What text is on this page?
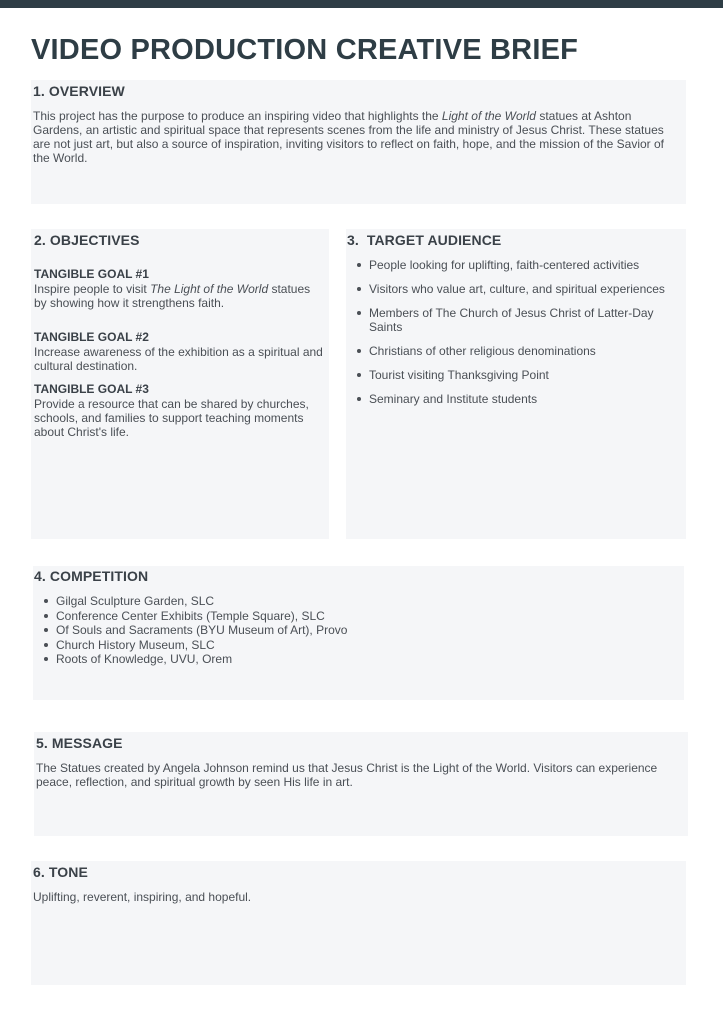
VIDEO PRODUCTION CREATIVE BRIEF
1. OVERVIEW
This project has the purpose to produce an inspiring video that highlights the Light of the World statues at Ashton Gardens, an artistic and spiritual space that represents scenes from the life and ministry of Jesus Christ. These statues are not just art, but also a source of inspiration, inviting visitors to reflect on faith, hope, and the mission of the Savior of the World.
2. OBJECTIVES
TANGIBLE GOAL #1
Inspire people to visit The Light of the World statues by showing how it strengthens faith.
TANGIBLE GOAL #2
Increase awareness of the exhibition as a spiritual and cultural destination.
TANGIBLE GOAL #3
Provide a resource that can be shared by churches, schools, and families to support teaching moments about Christ's life.
3.  TARGET AUDIENCE
People looking for uplifting, faith-centered activities
Visitors who value art, culture, and spiritual experiences
Members of The Church of Jesus Christ of Latter-Day Saints
Christians of other religious denominations
Tourist visiting Thanksgiving Point
Seminary and Institute students
4. COMPETITION
Gilgal Sculpture Garden, SLC
Conference Center Exhibits (Temple Square), SLC
Of Souls and Sacraments (BYU Museum of Art), Provo
Church History Museum, SLC
Roots of Knowledge, UVU, Orem
5. MESSAGE
The Statues created by Angela Johnson remind us that Jesus Christ is the Light of the World. Visitors can experience peace, reflection, and spiritual growth by seen His life in art.
6. TONE
Uplifting, reverent, inspiring, and hopeful.
